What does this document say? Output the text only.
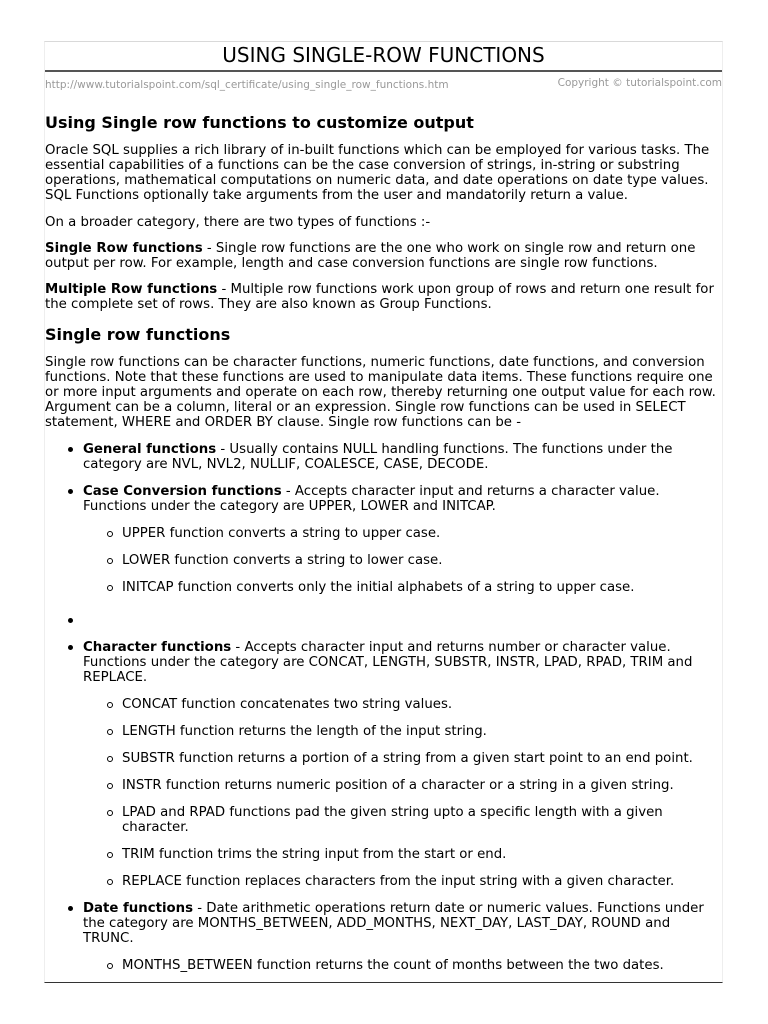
USING SINGLE-ROW FUNCTIONS
http://www.tutorialspoint.com/sql_certificate/using_single_row_functions.htm	Copyright © tutorialspoint.com
Using Single row functions to customize output

Oracle SQL supplies a rich library of in-built functions which can be employed for various tasks. The essential capabilities of a functions can be the case conversion of strings, in-string or substring operations, mathematical computations on numeric data, and date operations on date type values. SQL Functions optionally take arguments from the user and mandatorily return a value.

On a broader category, there are two types of functions :-

Single Row functions - Single row functions are the one who work on single row and return one output per row. For example, length and case conversion functions are single row functions.

Multiple Row functions - Multiple row functions work upon group of rows and return one result for the complete set of rows. They are also known as Group Functions.

Single row functions

Single row functions can be character functions, numeric functions, date functions, and conversion functions. Note that these functions are used to manipulate data items. These functions require one or more input arguments and operate on each row, thereby returning one output value for each row. Argument can be a column, literal or an expression. Single row functions can be used in SELECT statement, WHERE and ORDER BY clause. Single row functions can be -

General functions - Usually contains NULL handling functions. The functions under the category are NVL, NVL2, NULLIF, COALESCE, CASE, DECODE.
Case Conversion functions - Accepts character input and returns a character value. Functions under the category are UPPER, LOWER and INITCAP.
UPPER function converts a string to upper case.
LOWER function converts a string to lower case.
INITCAP function converts only the initial alphabets of a string to upper case.
Character functions - Accepts character input and returns number or character value. Functions under the category are CONCAT, LENGTH, SUBSTR, INSTR, LPAD, RPAD, TRIM and REPLACE.
CONCAT function concatenates two string values.
LENGTH function returns the length of the input string.
SUBSTR function returns a portion of a string from a given start point to an end point.
INSTR function returns numeric position of a character or a string in a given string.
LPAD and RPAD functions pad the given string upto a specific length with a given character.
TRIM function trims the string input from the start or end.
REPLACE function replaces characters from the input string with a given character.
Date functions - Date arithmetic operations return date or numeric values. Functions under the category are MONTHS_BETWEEN, ADD_MONTHS, NEXT_DAY, LAST_DAY, ROUND and TRUNC.
MONTHS_BETWEEN function returns the count of months between the two dates.
